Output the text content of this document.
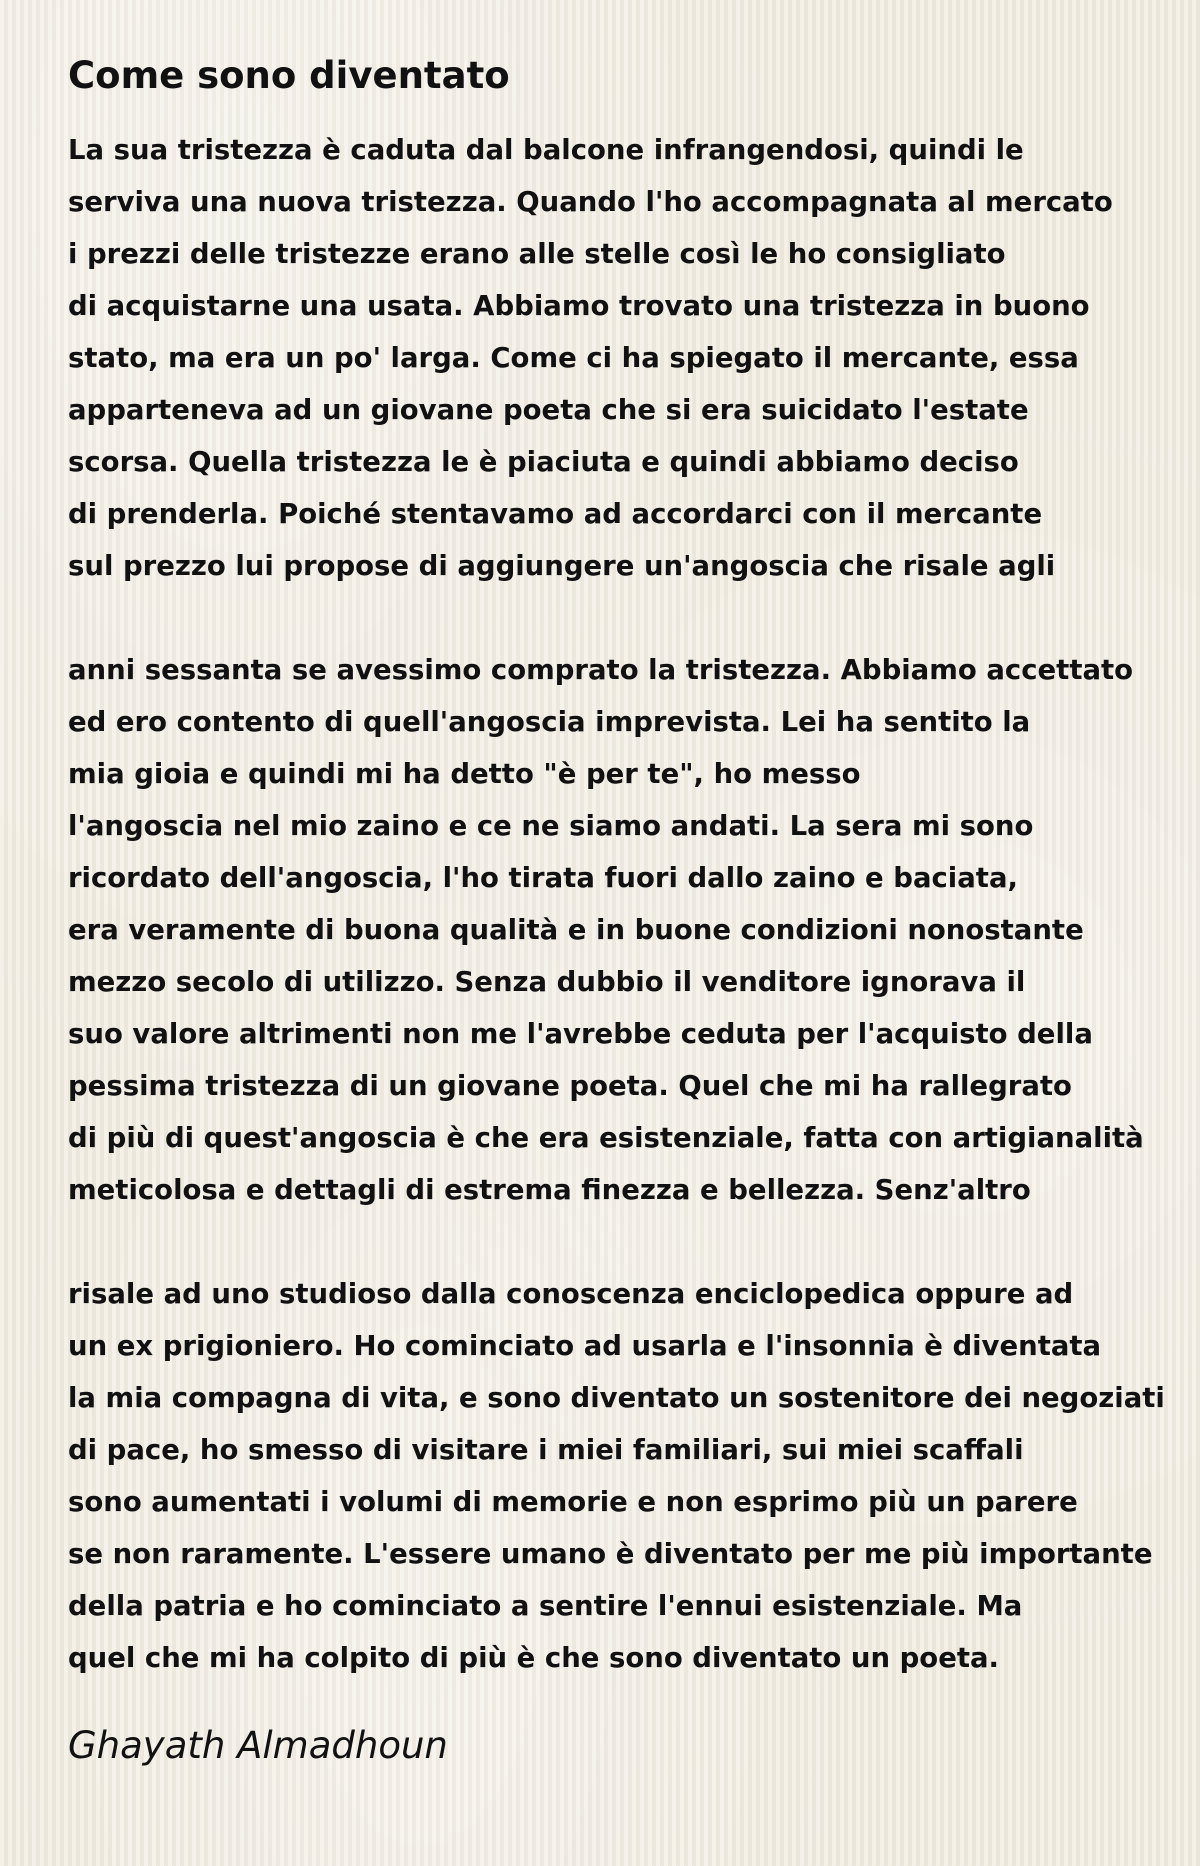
Come sono diventato
La sua tristezza è caduta dal balcone infrangendosi, quindi le
serviva una nuova tristezza. Quando l'ho accompagnata al mercato
i prezzi delle tristezze erano alle stelle così le ho consigliato
di acquistarne una usata. Abbiamo trovato una tristezza in buono
stato, ma era un po' larga. Come ci ha spiegato il mercante, essa
apparteneva ad un giovane poeta che si era suicidato l'estate
scorsa. Quella tristezza le è piaciuta e quindi abbiamo deciso
di prenderla. Poiché stentavamo ad accordarci con il mercante
sul prezzo lui propose di aggiungere un'angoscia che risale agli
anni sessanta se avessimo comprato la tristezza. Abbiamo accettato
ed ero contento di quell'angoscia imprevista. Lei ha sentito la
mia gioia e quindi mi ha detto "è per te", ho messo
l'angoscia nel mio zaino e ce ne siamo andati. La sera mi sono
ricordato dell'angoscia, l'ho tirata fuori dallo zaino e baciata,
era veramente di buona qualità e in buone condizioni nonostante
mezzo secolo di utilizzo. Senza dubbio il venditore ignorava il
suo valore altrimenti non me l'avrebbe ceduta per l'acquisto della
pessima tristezza di un giovane poeta. Quel che mi ha rallegrato
di più di quest'angoscia è che era esistenziale, fatta con artigianalità
meticolosa e dettagli di estrema finezza e bellezza. Senz'altro
risale ad uno studioso dalla conoscenza enciclopedica oppure ad
un ex prigioniero. Ho cominciato ad usarla e l'insonnia è diventata
la mia compagna di vita, e sono diventato un sostenitore dei negoziati
di pace, ho smesso di visitare i miei familiari, sui miei scaffali
sono aumentati i volumi di memorie e non esprimo più un parere
se non raramente. L'essere umano è diventato per me più importante
della patria e ho cominciato a sentire l'ennui esistenziale. Ma
quel che mi ha colpito di più è che sono diventato un poeta.
Ghayath Almadhoun
